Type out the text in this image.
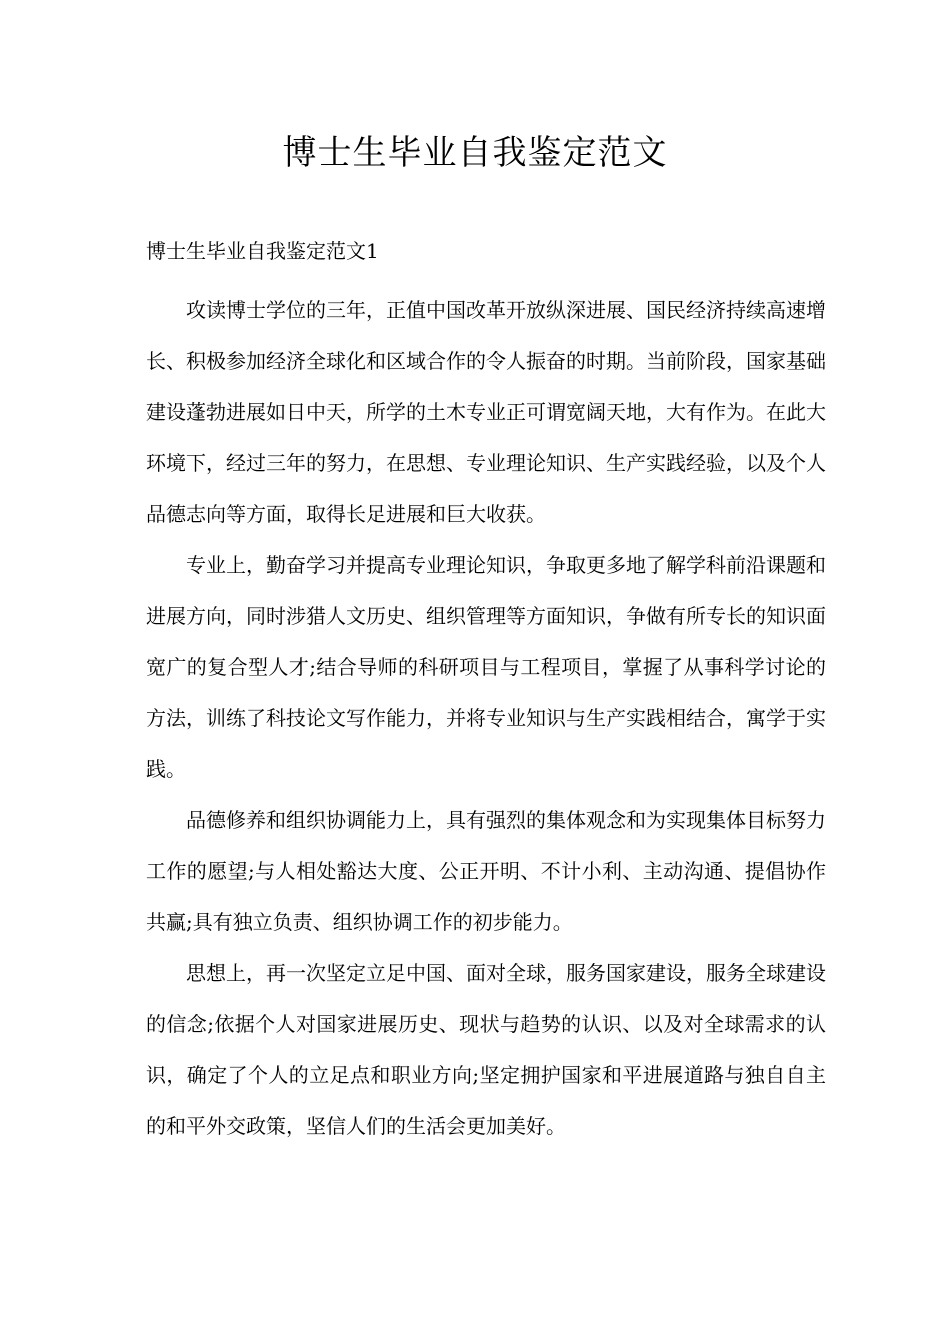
博士生毕业自我鉴定范文
博士生毕业自我鉴定范文1

攻读博士学位的三年，正值中国改革开放纵深进展、国民经济持续高速增长、积极参加经济全球化和区域合作的令人振奋的时期。当前阶段，国家基础建设蓬勃进展如日中天，所学的土木专业正可谓宽阔天地，大有作为。在此大环境下，经过三年的努力，在思想、专业理论知识、生产实践经验，以及个人品德志向等方面，取得长足进展和巨大收获。

专业上，勤奋学习并提高专业理论知识，争取更多地了解学科前沿课题和进展方向，同时涉猎人文历史、组织管理等方面知识，争做有所专长的知识面宽广的复合型人才;结合导师的科研项目与工程项目，掌握了从事科学讨论的方法，训练了科技论文写作能力，并将专业知识与生产实践相结合，寓学于实践。

品德修养和组织协调能力上，具有强烈的集体观念和为实现集体目标努力工作的愿望;与人相处豁达大度、公正开明、不计小利、主动沟通、提倡协作共赢;具有独立负责、组织协调工作的初步能力。

思想上，再一次坚定立足中国、面对全球，服务国家建设，服务全球建设的信念;依据个人对国家进展历史、现状与趋势的认识、以及对全球需求的认识，确定了个人的立足点和职业方向;坚定拥护国家和平进展道路与独自自主的和平外交政策，坚信人们的生活会更加美好。
